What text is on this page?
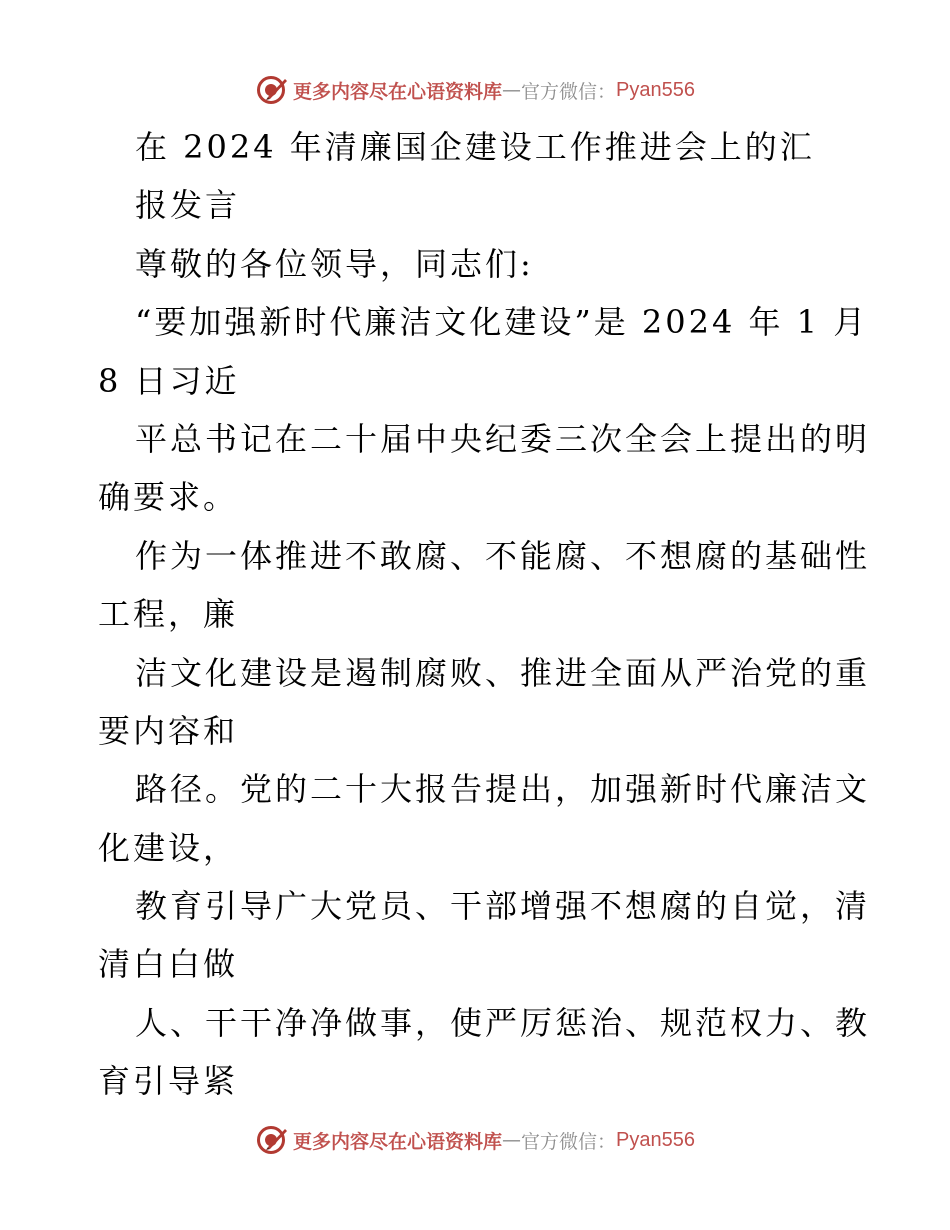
更多内容尽在心语资料库 — 官方微信： Pyan556
在 2024 年清廉国企建设工作推进会上的汇
报发言
尊敬的各位领导，同志们:
“要加强新时代廉洁文化建设”是 2024 年 1 月
8 日习近
平总书记在二十届中央纪委三次全会上提出的明
确要求。
作为一体推进不敢腐、不能腐、不想腐的基础性
工程，廉
洁文化建设是遏制腐败、推进全面从严治党的重
要内容和
路径。党的二十大报告提出，加强新时代廉洁文
化建设，
教育引导广大党员、干部增强不想腐的自觉，清
清白白做
人、干干净净做事，使严厉惩治、规范权力、教
育引导紧
更多内容尽在心语资料库 — 官方微信： Pyan556
